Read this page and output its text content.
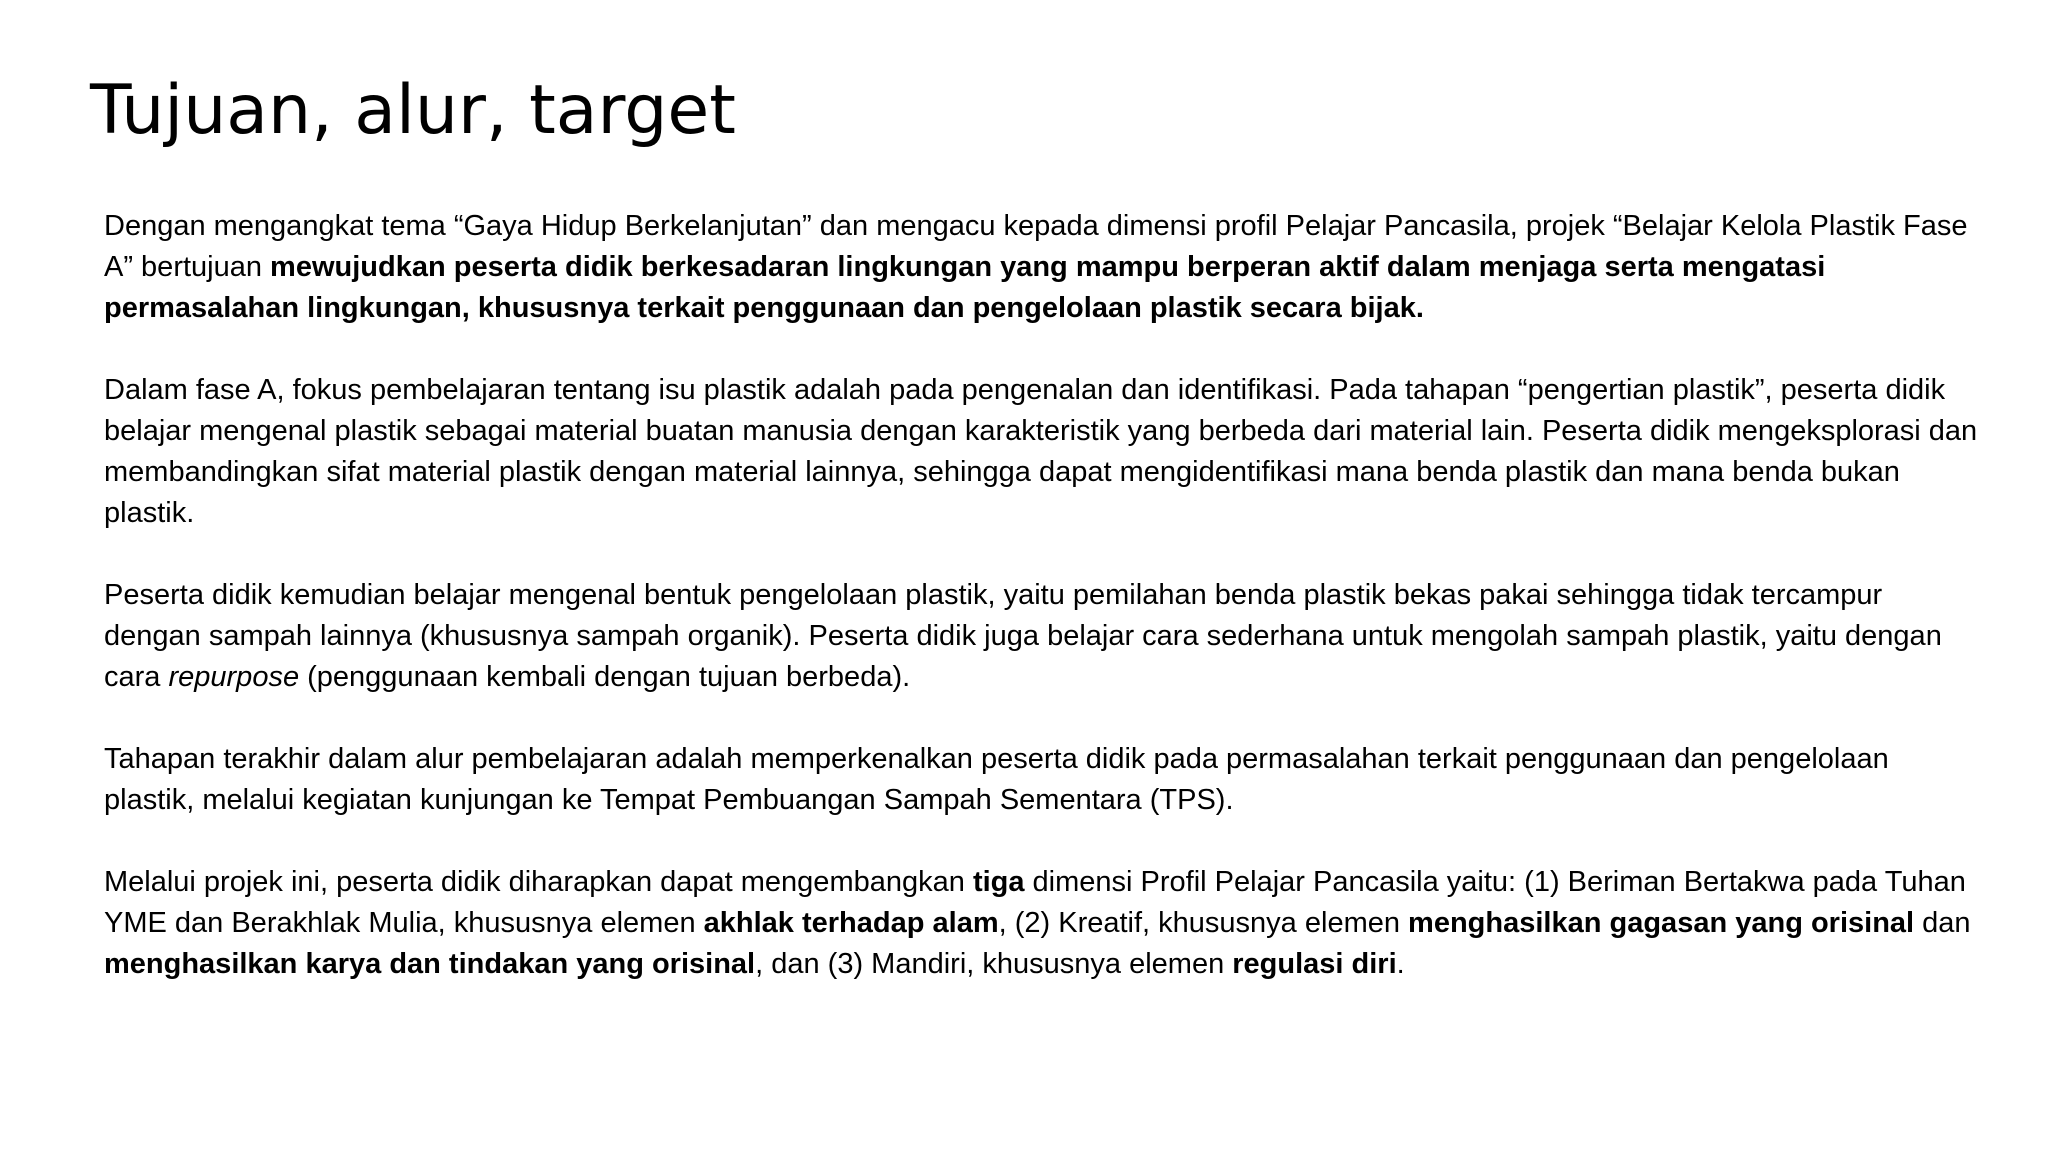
Tujuan, alur, target

Dengan mengangkat tema “Gaya Hidup Berkelanjutan” dan mengacu kepada dimensi profil Pelajar Pancasila, projek “Belajar Kelola Plastik Fase A” bertujuan mewujudkan peserta didik berkesadaran lingkungan yang mampu berperan aktif dalam menjaga serta mengatasi permasalahan lingkungan, khususnya terkait penggunaan dan pengelolaan plastik secara bijak.

Dalam fase A, fokus pembelajaran tentang isu plastik adalah pada pengenalan dan identifikasi. Pada tahapan “pengertian plastik”, peserta didik belajar mengenal plastik sebagai material buatan manusia dengan karakteristik yang berbeda dari material lain. Peserta didik mengeksplorasi dan membandingkan sifat material plastik dengan material lainnya, sehingga dapat mengidentifikasi mana benda plastik dan mana benda bukan plastik.

Peserta didik kemudian belajar mengenal bentuk pengelolaan plastik, yaitu pemilahan benda plastik bekas pakai sehingga tidak tercampur dengan sampah lainnya (khususnya sampah organik). Peserta didik juga belajar cara sederhana untuk mengolah sampah plastik, yaitu dengan cara repurpose (penggunaan kembali dengan tujuan berbeda).

Tahapan terakhir dalam alur pembelajaran adalah memperkenalkan peserta didik pada permasalahan terkait penggunaan dan pengelolaan plastik, melalui kegiatan kunjungan ke Tempat Pembuangan Sampah Sementara (TPS).

Melalui projek ini, peserta didik diharapkan dapat mengembangkan tiga dimensi Profil Pelajar Pancasila yaitu: (1) Beriman Bertakwa pada Tuhan YME dan Berakhlak Mulia, khususnya elemen akhlak terhadap alam, (2) Kreatif, khususnya elemen menghasilkan gagasan yang orisinal dan menghasilkan karya dan tindakan yang orisinal, dan (3) Mandiri, khususnya elemen regulasi diri.
